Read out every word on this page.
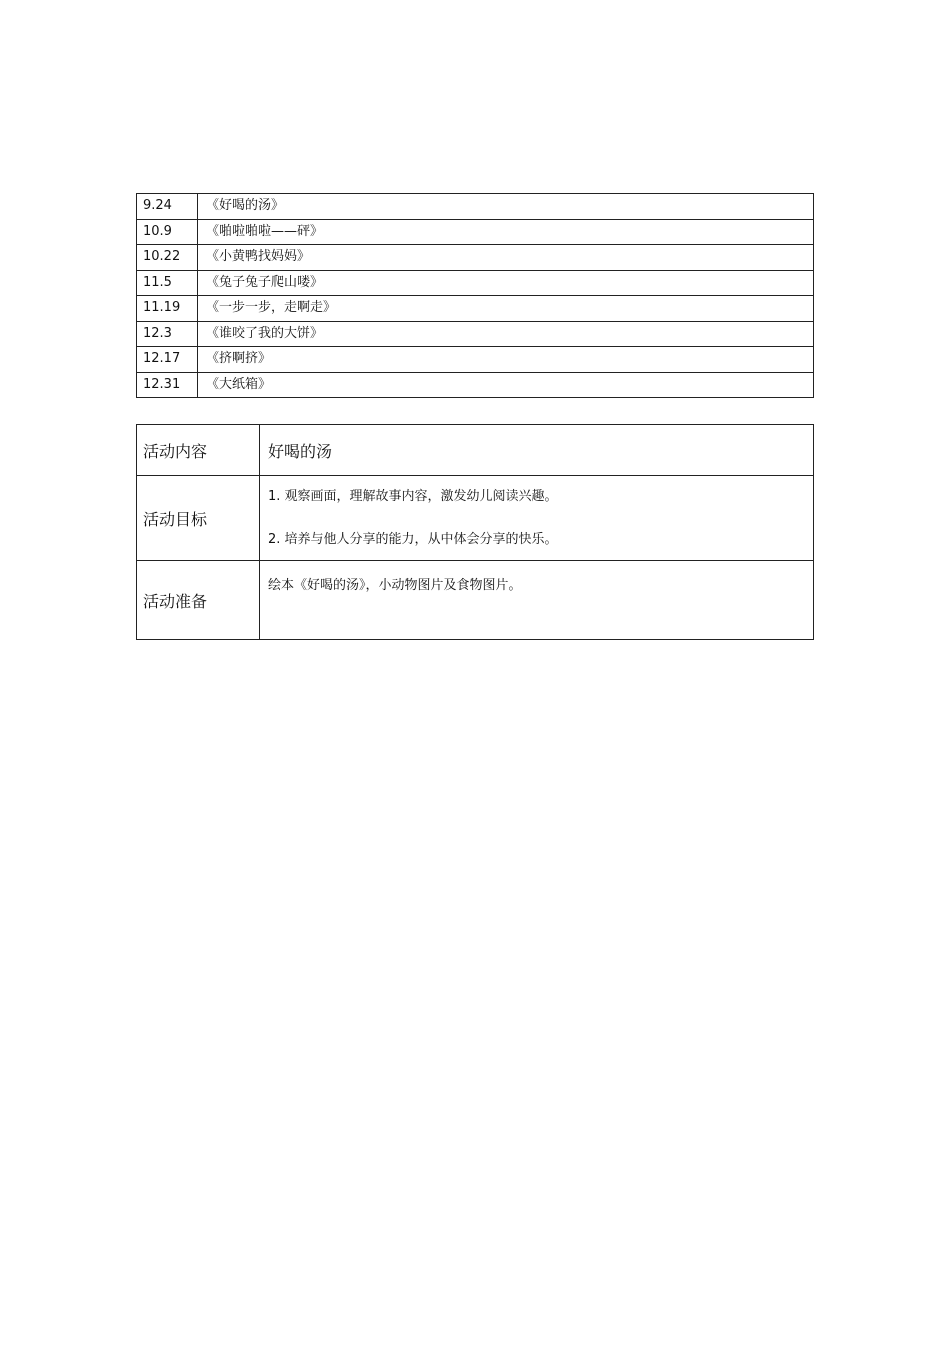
9.24	《好喝的汤》
10.9	《啪啦啪啦——砰》
10.22	《小黄鸭找妈妈》
11.5	《兔子兔子爬山喽》
11.19	《一步一步，走啊走》
12.3	《谁咬了我的大饼》
12.17	《挤啊挤》
12.31	《大纸箱》
活动内容	好喝的汤
活动目标	1. 观察画面，理解故事内容，激发幼儿阅读兴趣。
2. 培养与他人分享的能力，从中体会分享的快乐。

活动准备	绘本《好喝的汤》，小动物图片及食物图片。
